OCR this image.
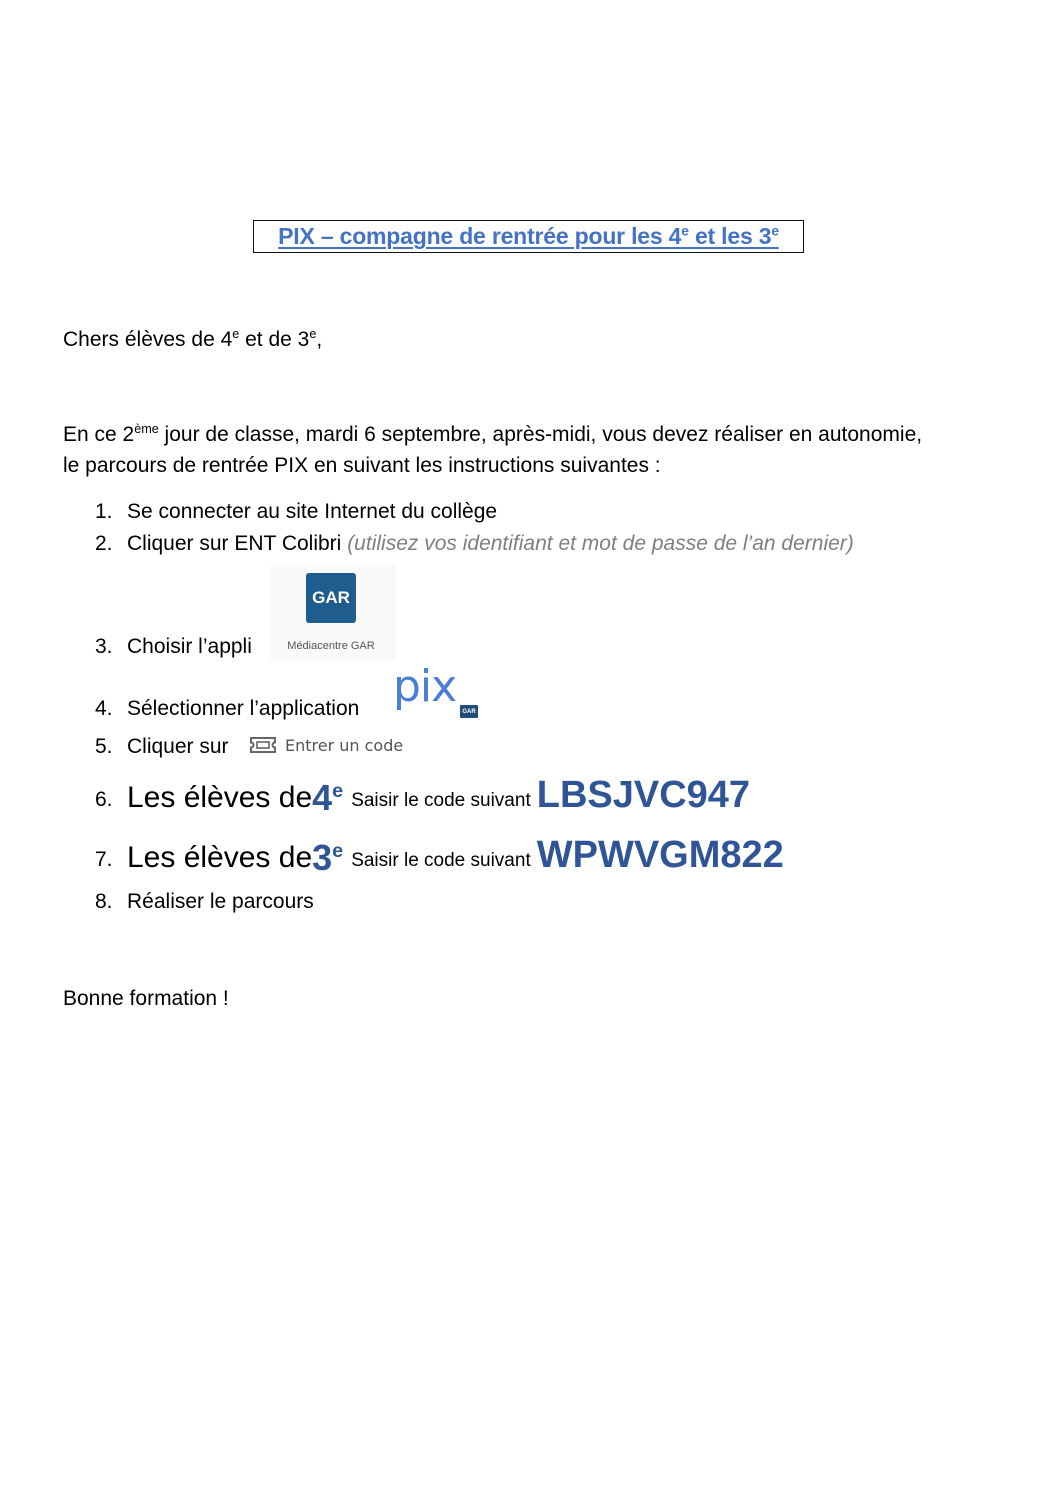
PIX – compagne de rentrée pour les 4e et les 3e
Chers élèves de 4e et de 3e,
En ce 2ème jour de classe, mardi 6 septembre, après-midi, vous devez réaliser en autonomie,
le parcours de rentrée PIX en suivant les instructions suivantes :
1. Se connecter au site Internet du collège
2. Cliquer sur ENT Colibri
(utilisez vos identifiant et mot de passe de l’an dernier)
3. Choisir l’appli
GAR
Médiacentre GAR
4. Sélectionner l’application pix	GAR
5. Cliquer sur	Entrer un code
6. Les élèves de 4e Saisir le code suivant LBSJVC947
7. Les élèves de 3e Saisir le code suivant WPWVGM822
8. Réaliser le parcours
Bonne formation !
